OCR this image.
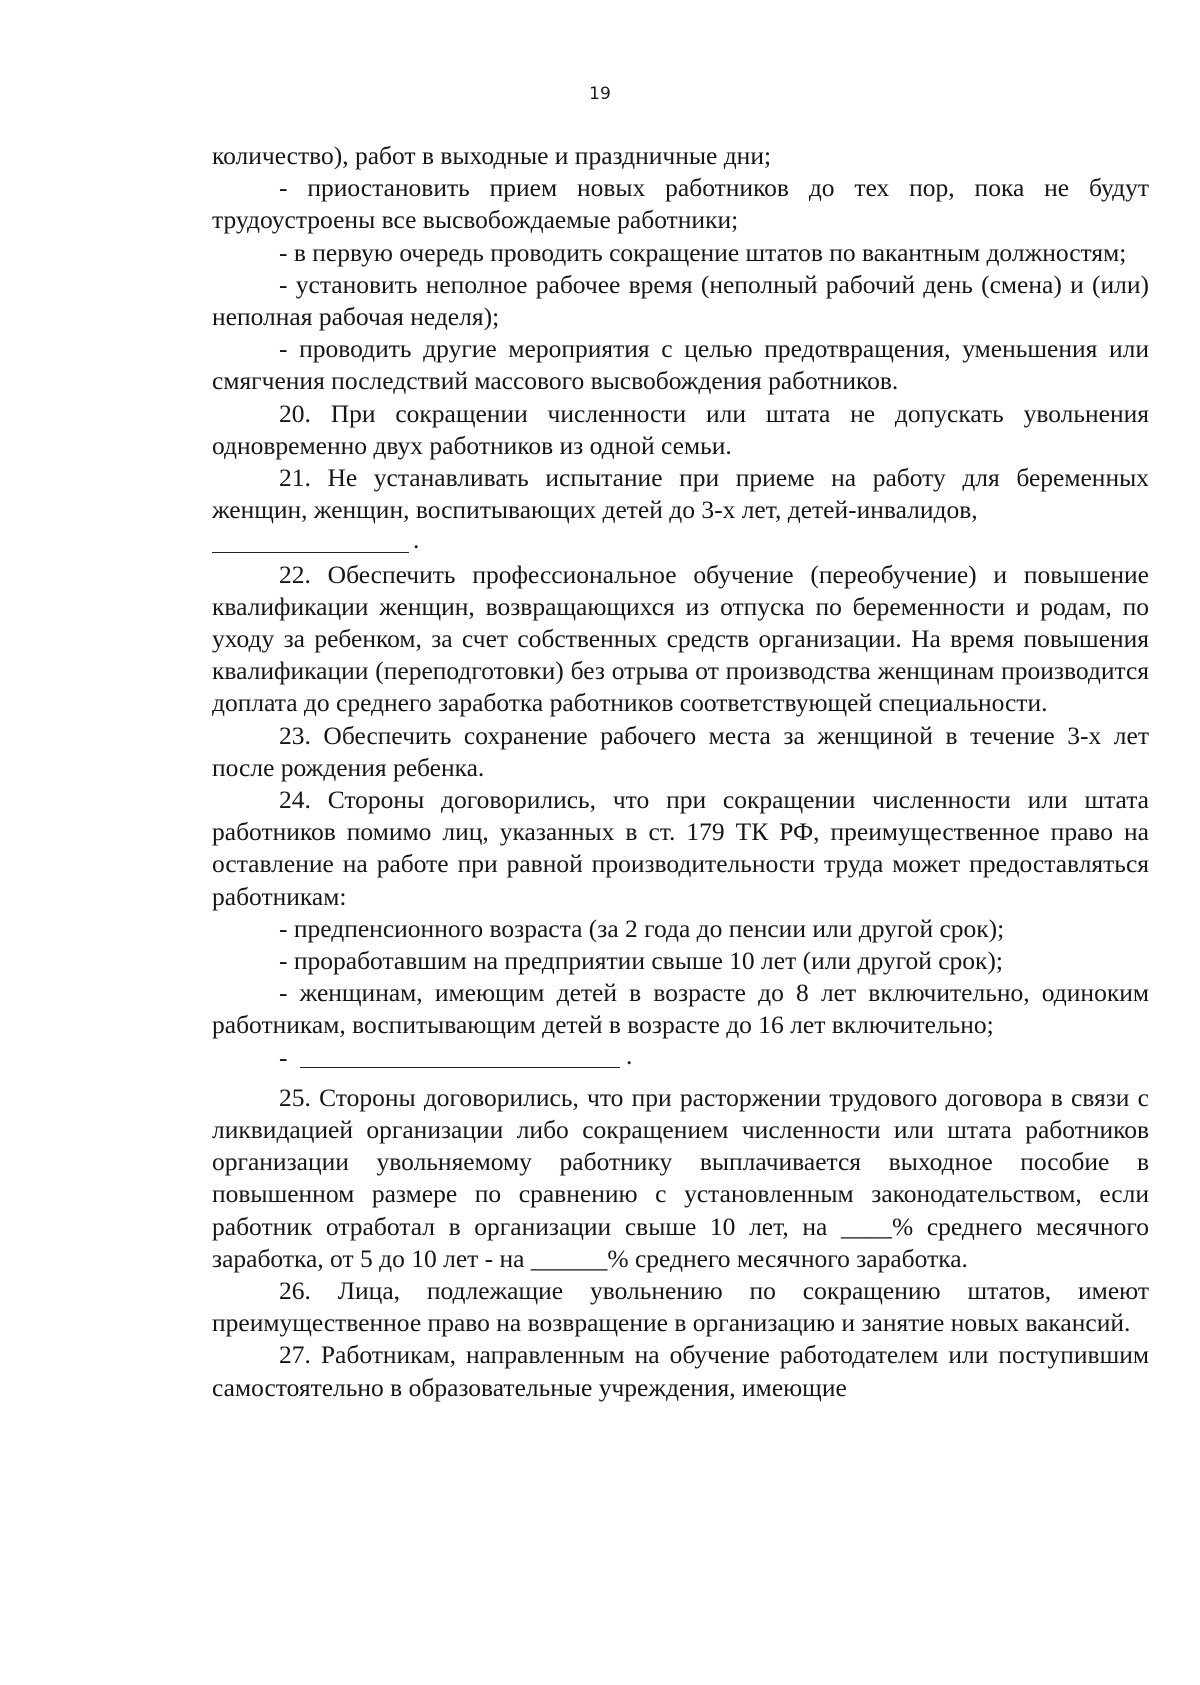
19

количество), работ в выходные и праздничные дни;

- приостановить прием новых работников до тех пор, пока не будут трудоустроены все высвобождаемые работники;

- в первую очередь проводить сокращение штатов по вакантным должностям;

- установить неполное рабочее время (неполный рабочий день (смена) и (или) неполная рабочая неделя);

- проводить другие мероприятия с целью предотвращения, уменьшения или смягчения последствий массового высвобождения работников.

20. При сокращении численности или штата не допускать увольнения одновременно двух работников из одной семьи.

21. Не устанавливать испытание при приеме на работу для беременных женщин, женщин, воспитывающих детей до 3-х лет, детей-инвалидов,

.

22. Обеспечить профессиональное обучение (переобучение) и повышение квалификации женщин, возвращающихся из отпуска по беременности и родам, по уходу за ребенком, за счет собственных средств организации. На время повышения квалификации (переподготовки) без отрыва от производства женщинам производится доплата до среднего заработка работников соответствующей специальности.

23. Обеспечить сохранение рабочего места за женщиной в течение 3-х лет после рождения ребенка.

24. Стороны договорились, что при сокращении численности или штата работников помимо лиц, указанных в ст. 179 ТК РФ, преимущественное право на оставление на работе при равной производительности труда может предоставляться работникам:

- предпенсионного возраста (за 2 года до пенсии или другой срок);

- проработавшим на предприятии свыше 10 лет (или другой срок);

- женщинам, имеющим детей в возрасте до 8 лет включительно, одиноким работникам, воспитывающим детей в возрасте до 16 лет включительно;

-	.

25. Стороны договорились, что при расторжении трудового договора в связи с ликвидацией организации либо сокращением численности или штата работников организации увольняемому работнику выплачивается выходное пособие в повышенном размере по сравнению с установленным законодательством, если работник отработал в организации свыше 10 лет, на ____% среднего месячного заработка, от 5 до 10 лет - на ______% среднего месячного заработка.

26. Лица, подлежащие увольнению по сокращению штатов, имеют преимущественное право на возвращение в организацию и занятие новых вакансий.

27. Работникам, направленным на обучение работодателем или поступившим самостоятельно в образовательные учреждения, имеющие
